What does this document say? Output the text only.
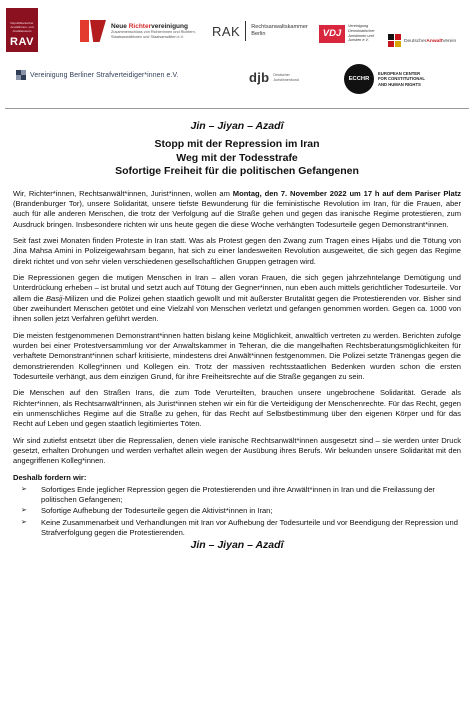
Republikanischer Anwältinnen- und Anwälteverein
RAV
Neue Richtervereinigung
Zusammenschluss von Richterinnen und Richtern,
Staatsanwältinnen und Staatsanwälten e.V.	RAK Rechtsanwaltskammer
Berlin	VDJ
Vereinigung
Demokratischer
Juristinnen und
Juristen e.V.	DeutscherAnwaltVerein
Vereinigung Berliner Strafverteidiger*innen e.V.	djb Deutscher
Juristinnenbund	ECCHR
EUROPEAN CENTER
FOR CONSTITUTIONAL
AND HUMAN RIGHTS
Jin – Jiyan – Azadî
Stopp mit der Repression im Iran
Weg mit der Todesstrafe
Sofortige Freiheit für die politischen Gefangenen

Wir, Richter*innen, Rechtsanwält*innen, Jurist*innen, wollen am Montag, den 7. November 2022 um 17 h auf dem Pariser Platz (Brandenburger Tor), unsere Solidarität, unsere tiefste Bewunderung für die feministische Revolution im Iran, für die Frauen, aber auch für alle anderen Menschen, die trotz der Verfolgung auf die Straße gehen und gegen das iranische Regime protestieren, zum Ausdruck bringen. Insbesondere richten wir uns heute gegen die diese Woche verhängten Todesurteile gegen Demonstrant*innen.

Seit fast zwei Monaten finden Proteste in Iran statt. Was als Protest gegen den Zwang zum Tragen eines Hijabs und die Tötung von Jina Mahsa Amini in Polizeigewahrsam begann, hat sich zu einer landesweiten Revolution ausgeweitet, die sich gegen das Regime direkt richtet und von sehr vielen verschiedenen gesellschaftlichen Gruppen getragen wird.

Die Repressionen gegen die mutigen Menschen in Iran – allen voran Frauen, die sich gegen jahrzehntelange Demütigung und Unterdrückung erheben – ist brutal und setzt auch auf Tötung der Gegner*innen, nun eben auch mittels gerichtlicher Todesurteile. Vor allem die Basij-Milizen und die Polizei gehen staatlich gewollt und mit äußerster Brutalität gegen die Protestierenden vor. Bisher sind über zweihundert Menschen getötet und eine Vielzahl von Menschen verletzt und gefangen genommen worden. Gegen ca. 1000 von ihnen sollen jetzt Verfahren geführt werden.

Die meisten festgenommenen Demonstrant*innen hatten bislang keine Möglichkeit, anwaltlich vertreten zu werden. Berichten zufolge wurden bei einer Protestversammlung vor der Anwaltskammer in Teheran, die die mangelhaften Rechtsberatungsmöglichkeiten für verhaftete Demonstrant*innen scharf kritisierte, mindestens drei Anwält*innen festgenommen. Die Polizei setzte Tränengas gegen die demonstrierenden Kolleg*innen und Kollegen ein. Trotz der massiven rechtsstaatlichen Bedenken wurden schon die ersten Todesurteile verhängt, aus dem einzigen Grund, für ihre Freiheitsrechte auf die Straße gegangen zu sein.

Die Menschen auf den Straßen Irans, die zum Tode Verurteilten, brauchen unsere ungebrochene Solidarität. Gerade als Richter*innen, als Rechtsanwält*innen, als Jurist*innen stehen wir ein für die Verteidigung der Menschenrechte. Für das Recht, gegen ein unmenschliches Regime auf die Straße zu gehen, für das Recht auf Selbstbestimmung über den eigenen Körper und für das Recht auf Leben und gegen staatlich legitimiertes Töten.

Wir sind zutiefst entsetzt über die Repressalien, denen viele iranische Rechtsanwält*innen ausgesetzt sind – sie werden unter Druck gesetzt, erhalten Drohungen und werden verhaftet allein wegen der Ausübung ihres Berufs. Wir bekunden unsere Solidarität mit den angegriffenen Kolleg*innen.

Deshalb fordern wir:
➢ Sofortiges Ende jeglicher Repression gegen die Protestierenden und ihre Anwält*innen in Iran und die Freilassung der politischen Gefangenen;
➢ Sofortige Aufhebung der Todesurteile gegen die Aktivist*innen in Iran;
➢ Keine Zusammenarbeit und Verhandlungen mit Iran vor Aufhebung der Todesurteile und vor Beendigung der Repression und Strafverfolgung gegen die Protestierenden.
Jin – Jiyan – Azadî
